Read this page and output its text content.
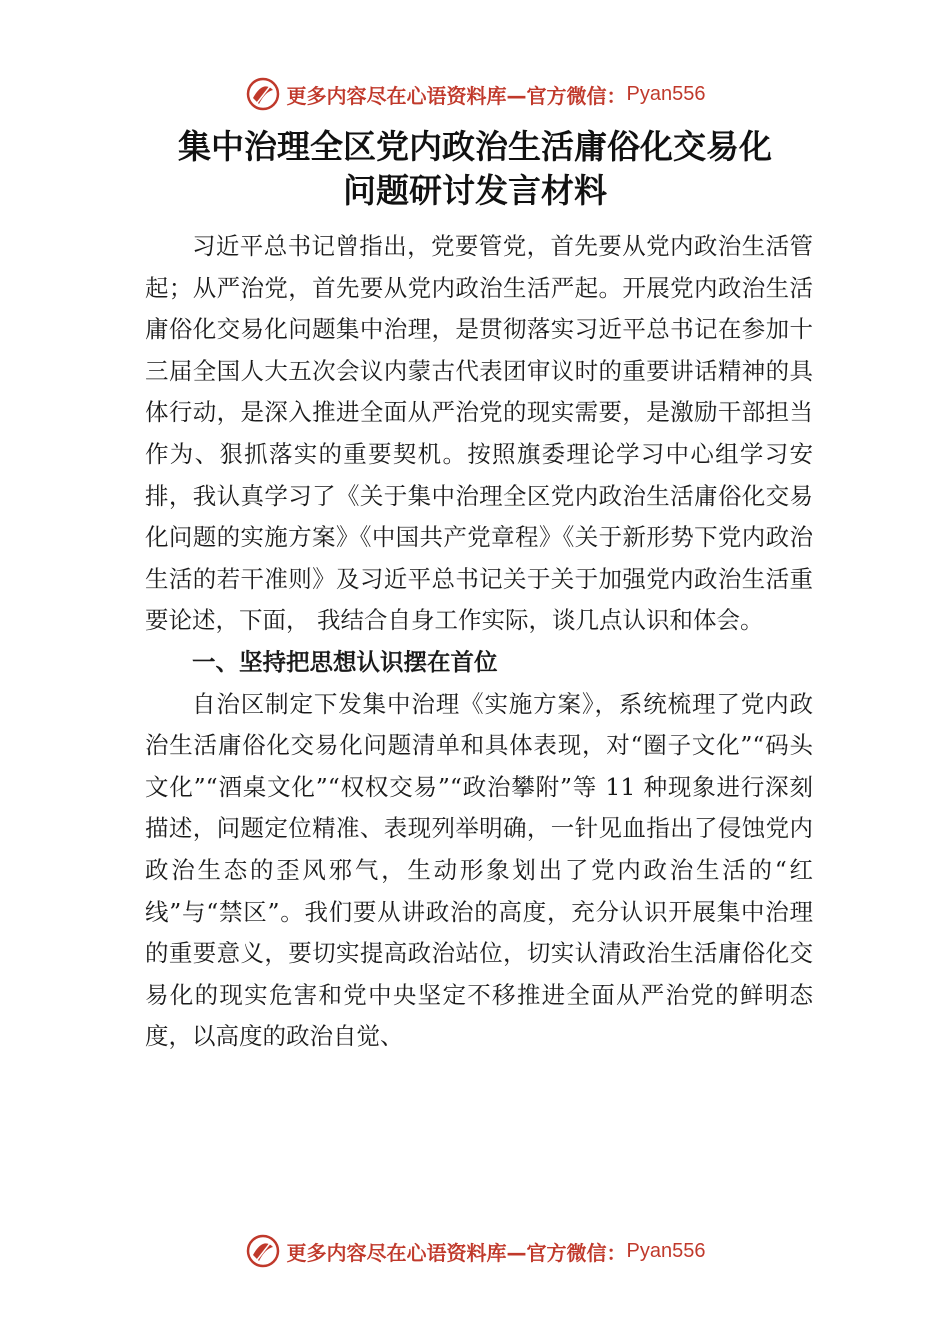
更多内容尽在心语资料库—官方微信： Pyan556
集中治理全区党内政治生活庸俗化交易化
问题研讨发言材料

习近平总书记曾指出，党要管党，首先要从党内政治生活管起；从严治党，首先要从党内政治生活严起。开展党内政治生活庸俗化交易化问题集中治理，是贯彻落实习近平总书记在参加十三届全国人大五次会议内蒙古代表团审议时的重要讲话精神的具体行动，是深入推进全面从严治党的现实需要，是激励干部担当作为、狠抓落实的重要契机。按照旗委理论学习中心组学习安排，我认真学习了《关于集中治理全区党内政治生活庸俗化交易化问题的实施方案》《中国共产党章程》《关于新形势下党内政治生活的若干准则》及习近平总书记关于关于加强党内政治生活重要论述，下面， 我结合自身工作实际，谈几点认识和体会。

一、坚持把思想认识摆在首位

自治区制定下发集中治理《实施方案》，系统梳理了党内政治生活庸俗化交易化问题清单和具体表现，对“圈子文化”“码头文化”“酒桌文化”“权权交易”“政治攀附”等 11 种现象进行深刻描述，问题定位精准、表现列举明确，一针见血指出了侵蚀党内政治生态的歪风邪气，生动形象划出了党内政治生活的“红线”与“禁区”。我们要从讲政治的高度，充分认识开展集中治理的重要意义，要切实提高政治站位，切实认清政治生活庸俗化交易化的现实危害和党中央坚定不移推进全面从严治党的鲜明态度，以高度的政治自觉、

更多内容尽在心语资料库—官方微信： Pyan556
